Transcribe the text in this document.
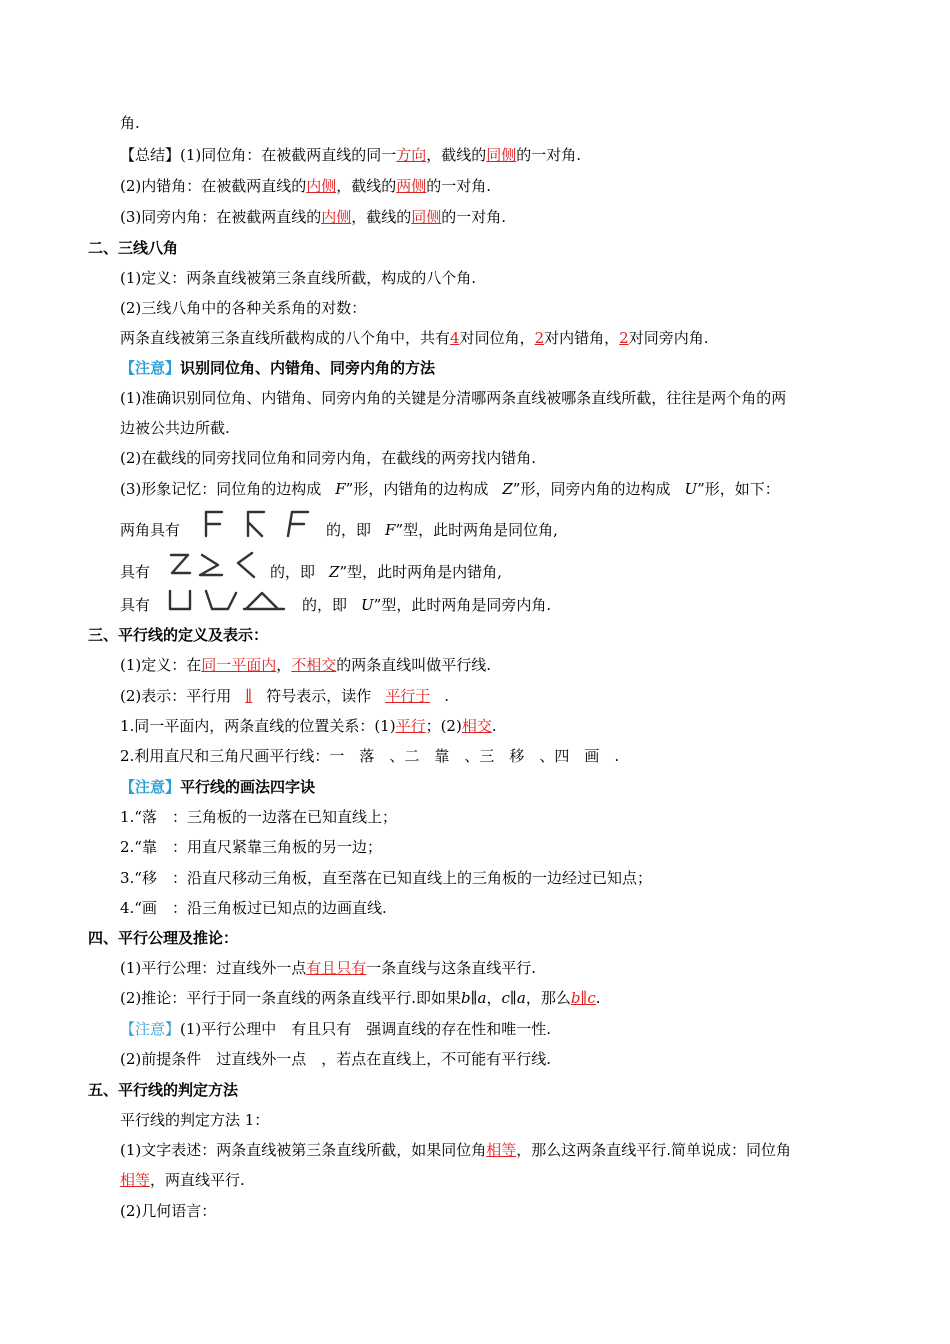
角.
【总结】(1)同位角：在被截两直线的同一方向，截线的同侧的一对角.
(2)内错角：在被截两直线的内侧，截线的两侧的一对角.
(3)同旁内角：在被截两直线的内侧，截线的同侧的一对角.
二、三线八角
(1)定义：两条直线被第三条直线所截，构成的八个角.
(2)三线八角中的各种关系角的对数：
两条直线被第三条直线所截构成的八个角中，共有4对同位角，2对内错角，2对同旁内角.
【注意】识别同位角、内错角、同旁内角的方法
(1)准确识别同位角、内错角、同旁内角的关键是分清哪两条直线被哪条直线所截，往往是两个角的两
边被公共边所截.
(2)在截线的同旁找同位角和同旁内角，在截线的两旁找内错角.
(3)形象记忆：同位角的边构成 F”形，内错角的边构成 Z”形，同旁内角的边构成 U”形，如下：
两角具有	的，即 F”型，此时两角是同位角,
具有	的，即 Z”型，此时两角是内错角,
具有	的，即 U”型，此时两角是同旁内角.
三、平行线的定义及表示：
(1)定义：在同一平面内，不相交的两条直线叫做平行线.
(2)表示：平行用 ∥ 符号表示，读作 平行于 .
1.同一平面内，两条直线的位置关系：(1)平行；(2)相交.
2.利用直尺和三角尺画平行线：一　落　、二　靠　、三　移　、四　画　.
【注意】平行线的画法四字诀
1.“落　：三角板的一边落在已知直线上；
2.“靠　：用直尺紧靠三角板的另一边；
3.“移　：沿直尺移动三角板，直至落在已知直线上的三角板的一边经过已知点；
4.“画　：沿三角板过已知点的边画直线.
四、平行公理及推论：
(1)平行公理：过直线外一点有且只有一条直线与这条直线平行.
(2)推论：平行于同一条直线的两条直线平行.即如果b∥a，c∥a，那么b∥c.
【注意】(1)平行公理中　有且只有　强调直线的存在性和唯一性.
(2)前提条件　过直线外一点　，若点在直线上，不可能有平行线.
五、平行线的判定方法
平行线的判定方法 1：
(1)文字表述：两条直线被第三条直线所截，如果同位角相等，那么这两条直线平行.简单说成：同位角
相等，两直线平行.
(2)几何语言：
